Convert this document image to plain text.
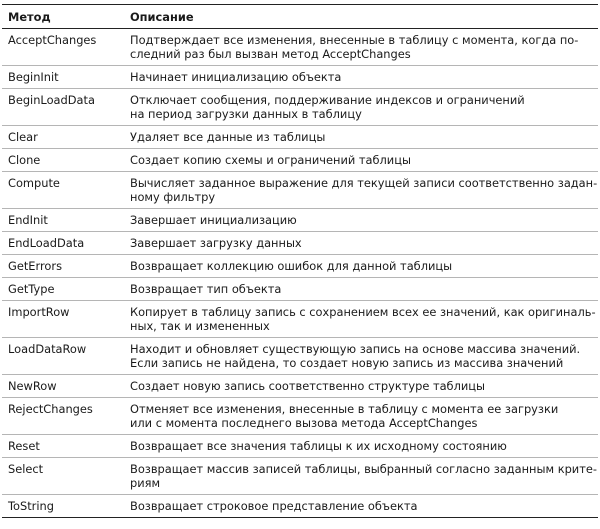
Метод	Описание
AcceptChanges	Подтверждает все изменения, внесенные в таблицу с момента, когда по-
следний раз был вызван метод AcceptChanges

BeginInit	Начинает инициализацию объекта

BeginLoadData	Отключает сообщения, поддерживание индексов и ограничений
на период загрузки данных в таблицу

Clear	Удаляет все данные из таблицы

Clone	Создает копию схемы и ограничений таблицы

Compute	Вычисляет заданное выражение для текущей записи соответственно задан-
ному фильтру

EndInit	Завершает инициализацию

EndLoadData	Завершает загрузку данных

GetErrors	Возвращает коллекцию ошибок для данной таблицы

GetType	Возвращает тип объекта

ImportRow	Копирует в таблицу запись с сохранением всех ее значений, как оригиналь-
ных, так и измененных

LoadDataRow	Находит и обновляет существующую запись на основе массива значений.
Если запись не найдена, то создает новую запись из массива значений

NewRow	Создает новую запись соответственно структуре таблицы

RejectChanges	Отменяет все изменения, внесенные в таблицу с момента ее загрузки
или с момента последнего вызова метода AcceptChanges

Reset	Возвращает все значения таблицы к их исходному состоянию

Select	Возвращает массив записей таблицы, выбранный согласно заданным крите-
риям

ToString	Возвращает строковое представление объекта
